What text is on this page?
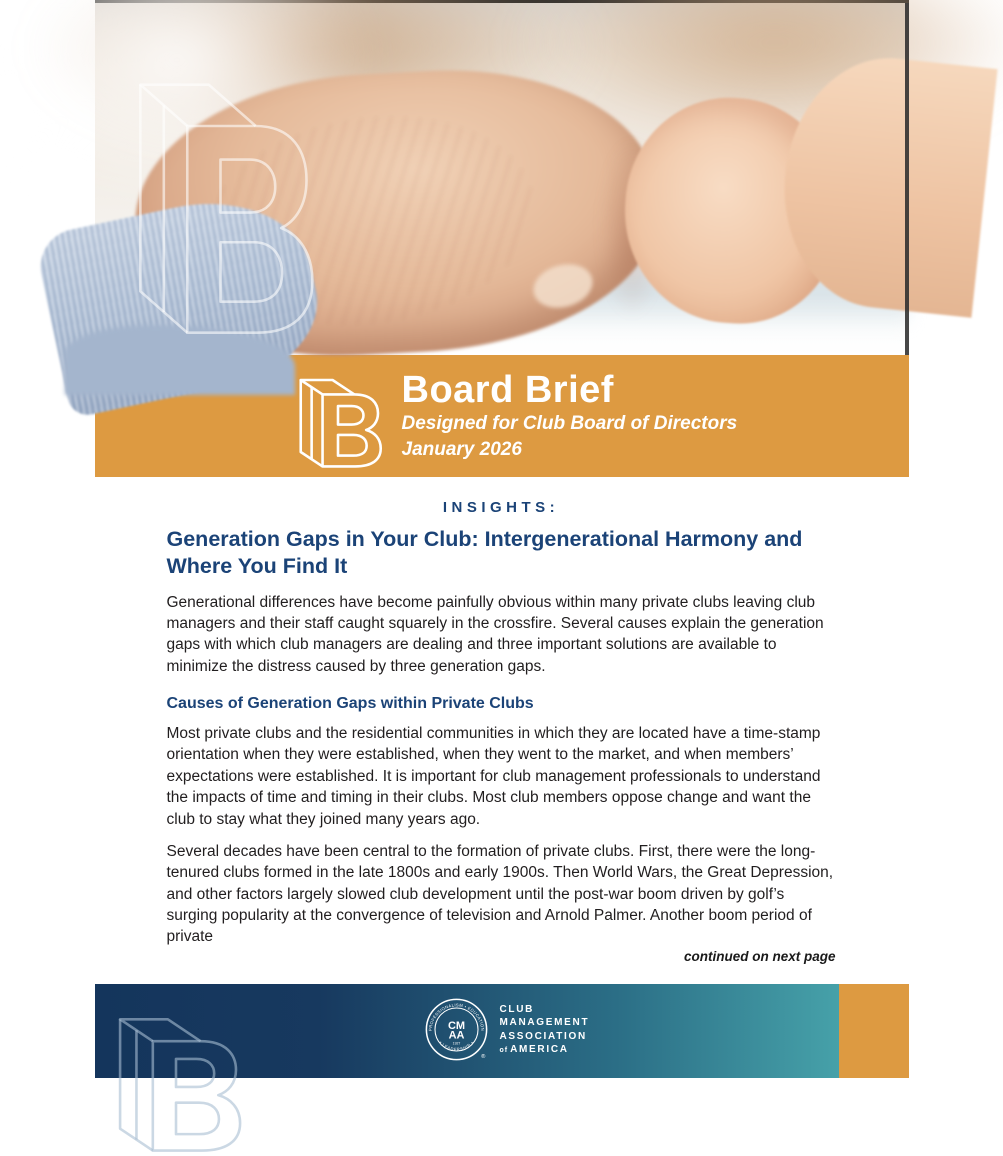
Board Brief
Designed for Club Board of Directors
January 2026
INSIGHTS:
Generation Gaps in Your Club: Intergenerational Harmony and Where You Find It

Generational differences have become painfully obvious within many private clubs leaving club managers and their staff caught squarely in the crossfire. Several causes explain the generation gaps with which club managers are dealing and three important solutions are available to minimize the distress caused by three generation gaps.

Causes of Generation Gaps within Private Clubs

Most private clubs and the residential communities in which they are located have a time-stamp orientation when they were established, when they went to the market, and when members’ expectations were established. It is important for club management professionals to understand the impacts of time and timing in their clubs. Most club members oppose change and want the club to stay what they joined many years ago.

Several decades have been central to the formation of private clubs. First, there were the long-tenured clubs formed in the late 1800s and early 1900s. Then World Wars, the Great Depression, and other factors largely slowed club development until the post-war boom driven by golf’s surging popularity at the convergence of television and Arnold Palmer. Another boom period of private

continued on next page
PROFESSIONALISM • EDUCATION
• LEADERSHIP •
CM
AA
1927
®
CLUB
MANAGEMENT
ASSOCIATION
of AMERICA
